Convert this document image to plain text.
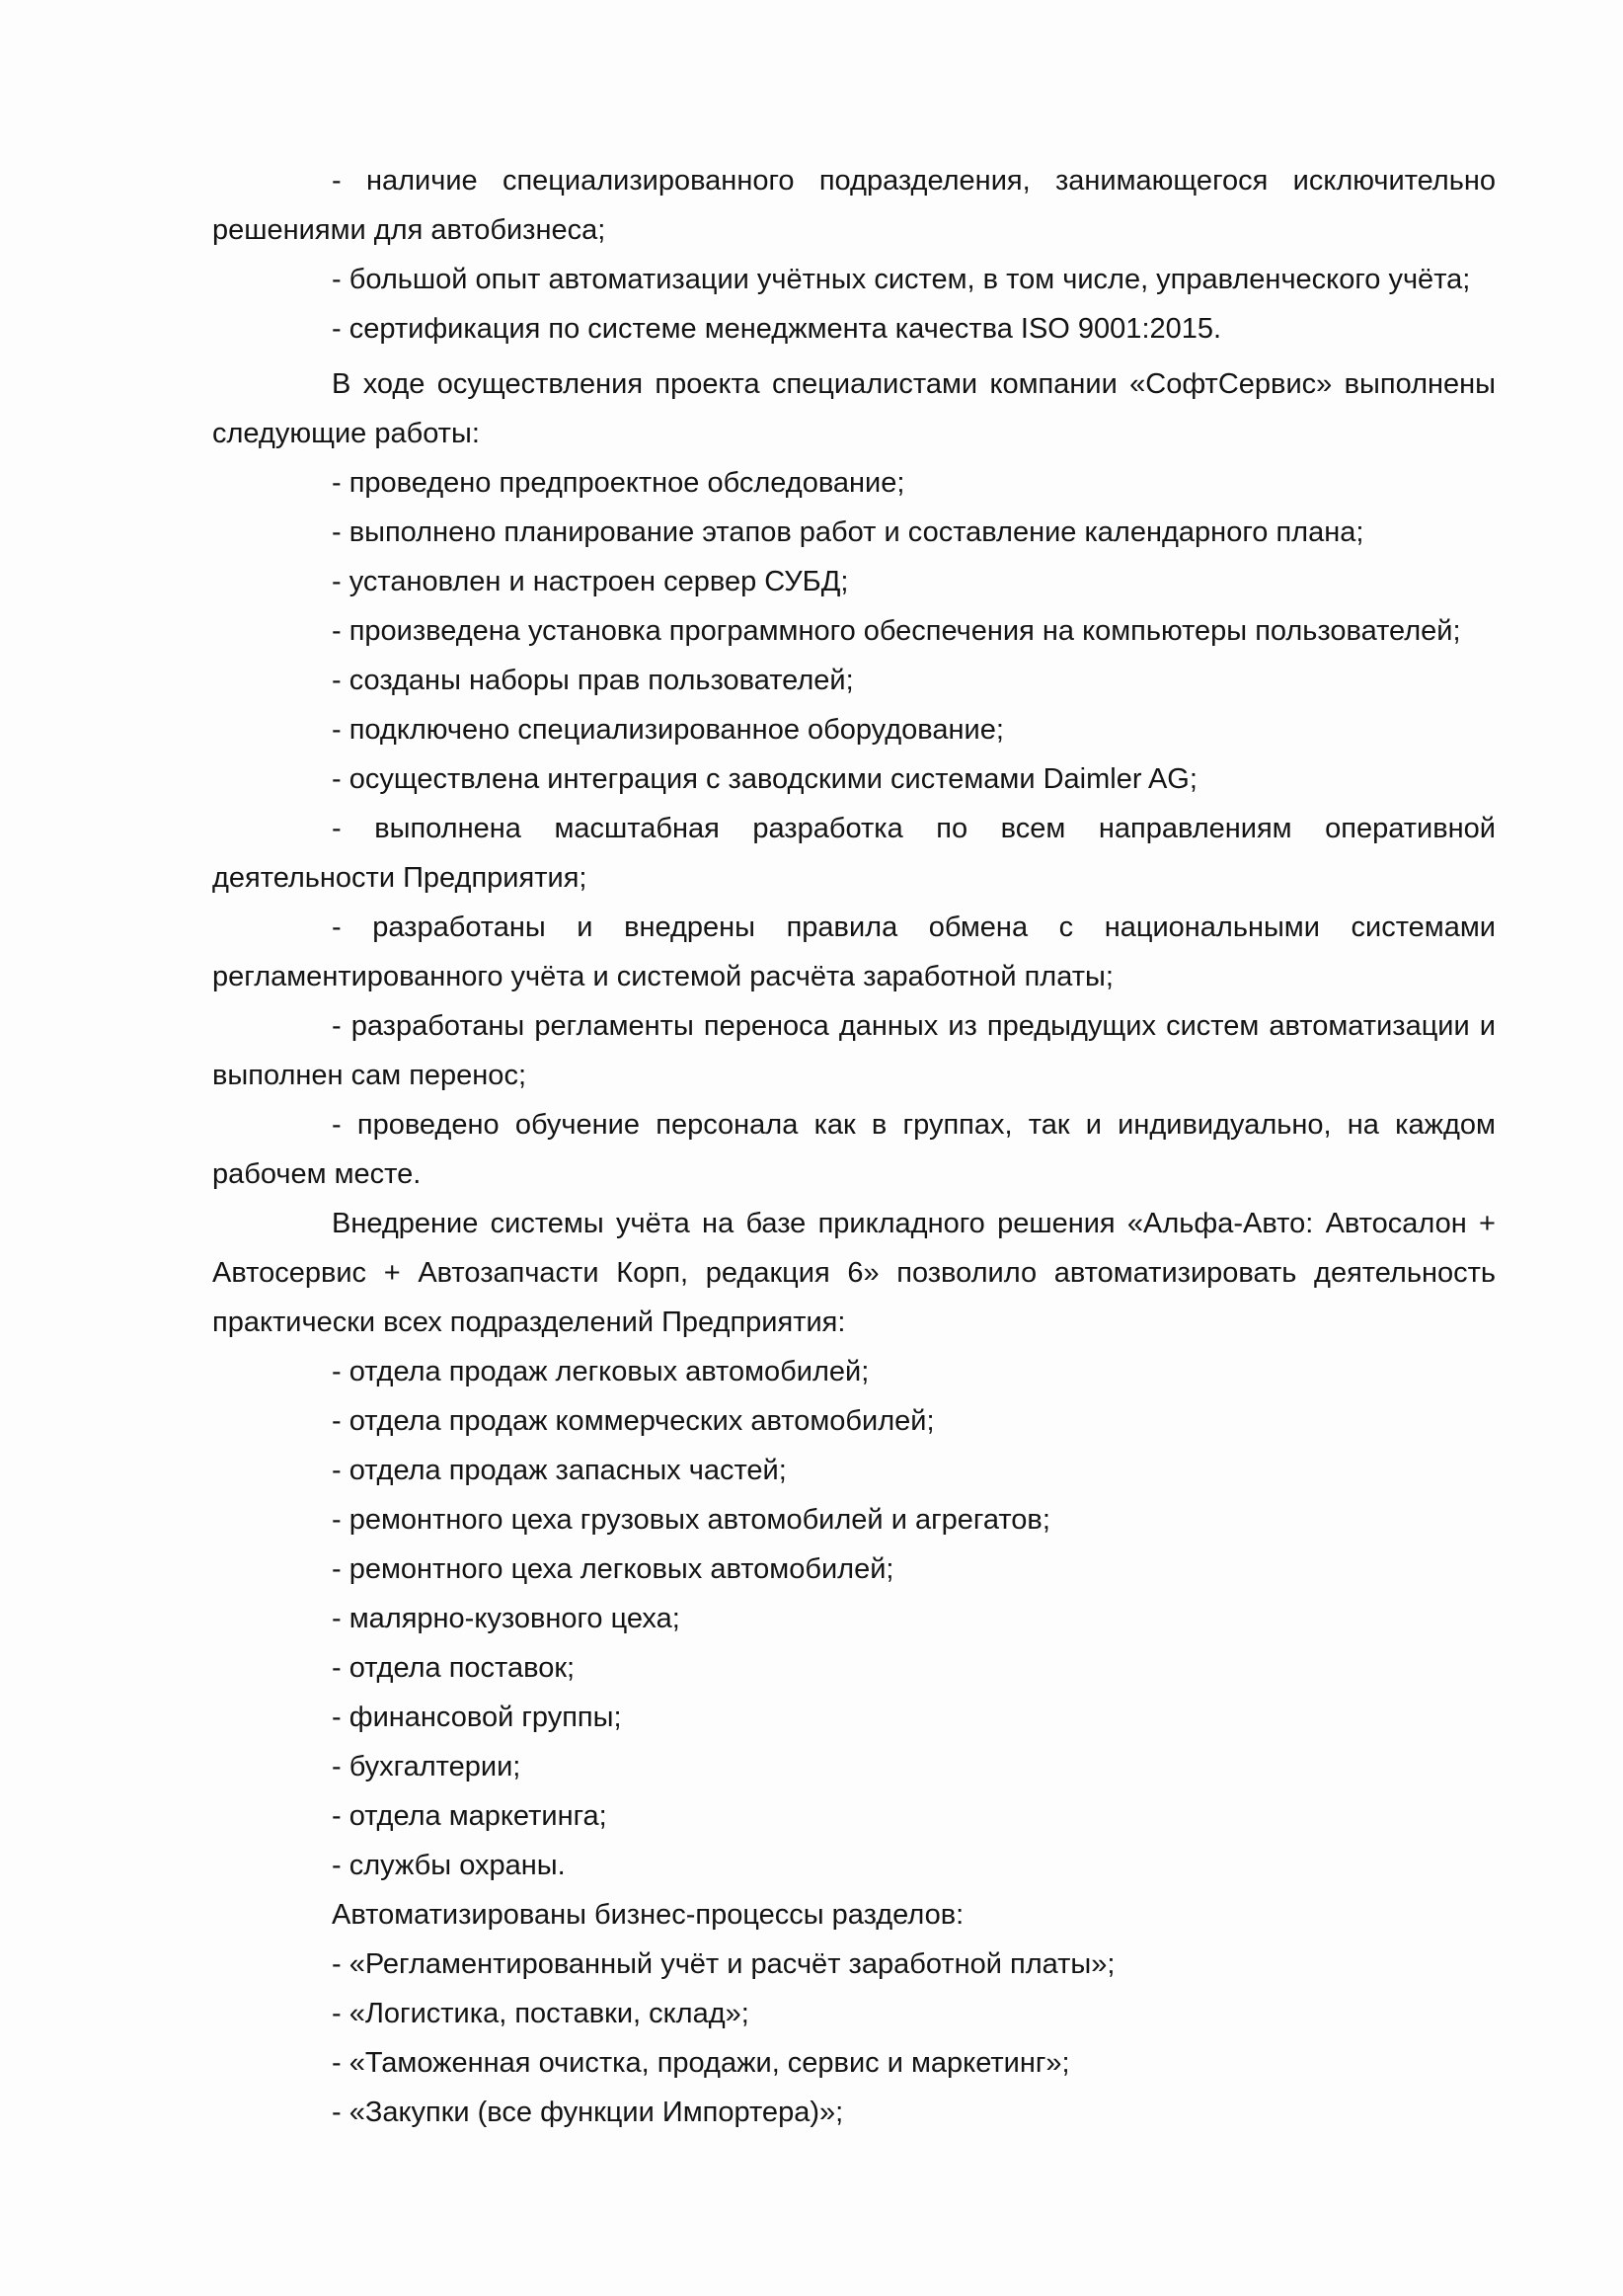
- наличие специализированного подразделения, занимающегося исключительно решениями для автобизнеса;

- большой опыт автоматизации учётных систем, в том числе, управленческого учёта;

- сертификация по системе менеджмента качества ISO 9001:2015.

В ходе осуществления проекта специалистами компании «СофтСервис» выполнены следующие работы:

- проведено предпроектное обследование;

- выполнено планирование этапов работ и составление календарного плана;

- установлен и настроен сервер СУБД;

- произведена установка программного обеспечения на компьютеры пользователей;

- созданы наборы прав пользователей;

- подключено специализированное оборудование;

- осуществлена интеграция с заводскими системами Daimler AG;

- выполнена масштабная разработка по всем направлениям оперативной деятельности Предприятия;

- разработаны и внедрены правила обмена с национальными системами регламентированного учёта и системой расчёта заработной платы;

- разработаны регламенты переноса данных из предыдущих систем автоматизации и выполнен сам перенос;

- проведено обучение персонала как в группах, так и индивидуально, на каждом рабочем месте.

Внедрение системы учёта на базе прикладного решения «Альфа-Авто: Автосалон + Автосервис + Автозапчасти Корп, редакция 6» позволило автоматизировать деятельность практически всех подразделений Предприятия:

- отдела продаж легковых автомобилей;

- отдела продаж коммерческих автомобилей;

- отдела продаж запасных частей;

- ремонтного цеха грузовых автомобилей и агрегатов;

- ремонтного цеха легковых автомобилей;

- малярно-кузовного цеха;

- отдела поставок;

- финансовой группы;

- бухгалтерии;

- отдела маркетинга;

- службы охраны.

Автоматизированы бизнес-процессы разделов:

- «Регламентированный учёт и расчёт заработной платы»;

- «Логистика, поставки, склад»;

- «Таможенная очистка, продажи, сервис и маркетинг»;

- «Закупки (все функции Импортера)»;
